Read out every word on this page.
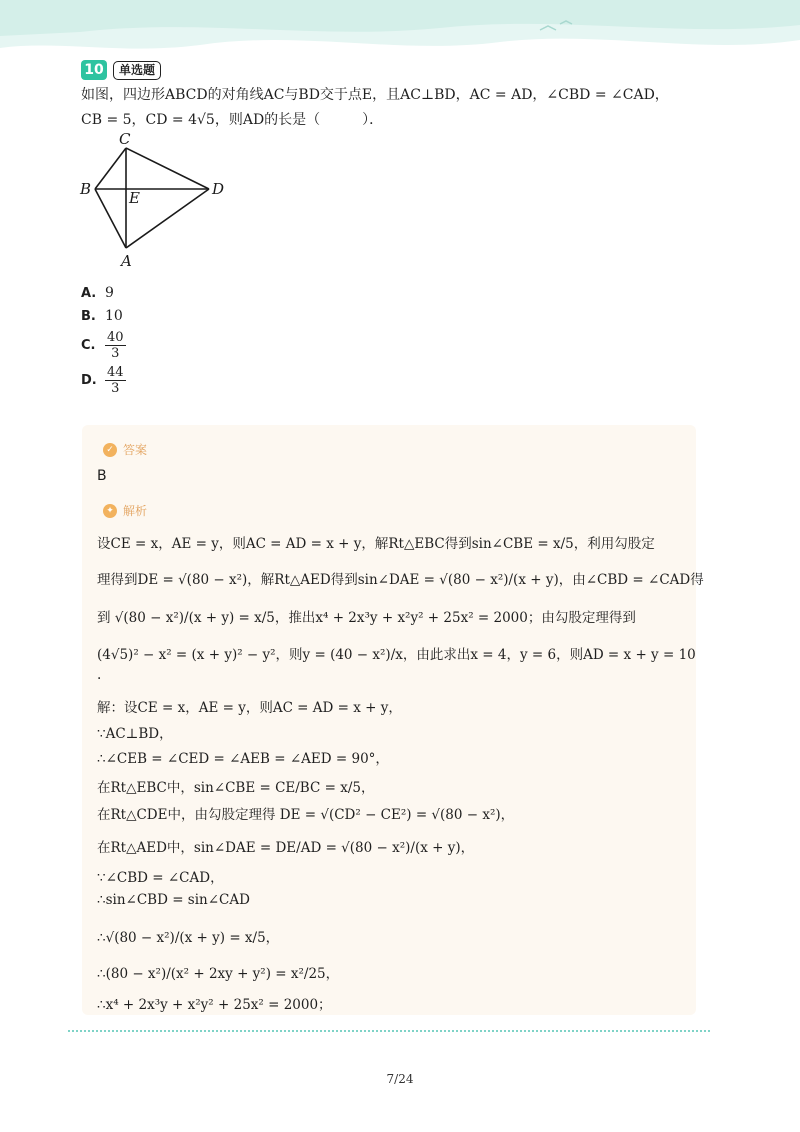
10	单选题
如图，四边形ABCD的对角线AC与BD交于点E，且AC⊥BD，AC = AD，∠CBD = ∠CAD，
CB = 5，CD = 4√5，则AD的长是（　　　）．
C
B	E	D
A
A. 9
B. 10
C. $\frac{40}{3}$
D. $\frac{44}{3}$
✓ 答案
B
✦ 解析
设CE = x，AE = y，则AC = AD = x + y，解Rt△EBC得到sin∠CBE = x/5，利用勾股定
理得到DE = √(80 − x²)，解Rt△AED得到sin∠DAE = √(80 − x²)/(x + y)，由∠CBD = ∠CAD得
到 √(80 − x²)/(x + y) = x/5，推出x⁴ + 2x³y + x²y² + 25x² = 2000；由勾股定理得到
(4√5)² − x² = (x + y)² − y²，则y = (40 − x²)/x，由此求出x = 4，y = 6，则AD = x + y = 10
.
解：设CE = x，AE = y，则AC = AD = x + y，
∵AC⊥BD，
∴∠CEB = ∠CED = ∠AEB = ∠AED = 90°，
在Rt△EBC中，sin∠CBE = CE/BC = x/5，
在Rt△CDE中，由勾股定理得 DE = √(CD² − CE²) = √(80 − x²)，
在Rt△AED中，sin∠DAE = DE/AD = √(80 − x²)/(x + y)，
∵∠CBD = ∠CAD，
∴sin∠CBD = sin∠CAD
∴√(80 − x²)/(x + y) = x/5，
∴(80 − x²)/(x² + 2xy + y²) = x²/25，
∴x⁴ + 2x³y + x²y² + 25x² = 2000；
7/24
